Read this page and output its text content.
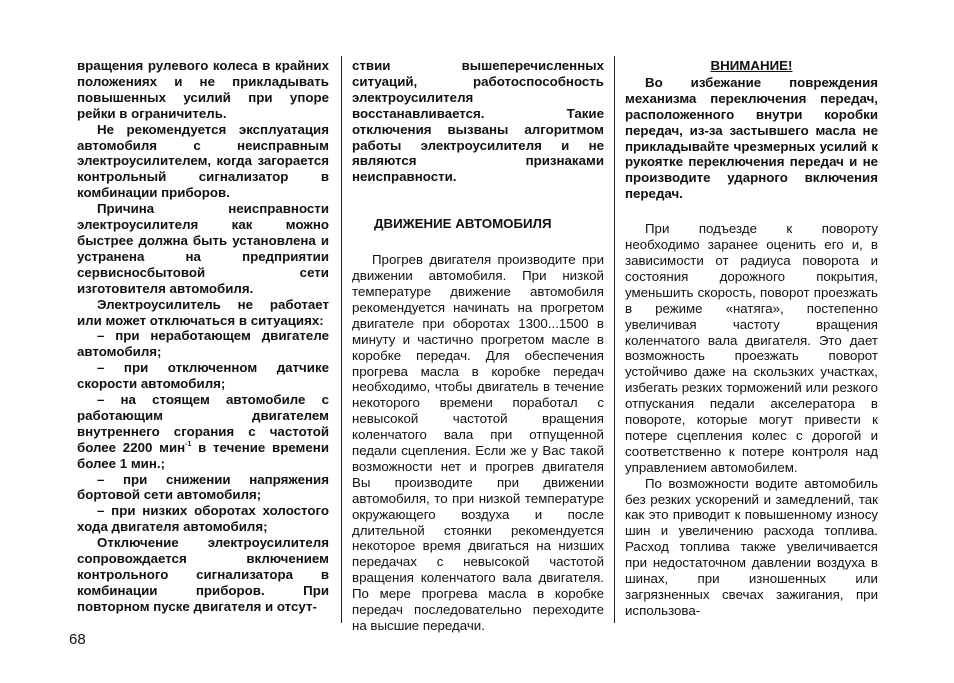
вращения рулевого колеса в крайних положениях и не прикладывать повышенных усилий при упоре рейки в ограничитель.

Не рекомендуется эксплуатация автомобиля с неисправным электроусилителем, когда загорается контрольный сигнализатор в комбинации приборов.

Причина неисправности электроусилителя как можно быстрее должна быть установлена и устранена на предприятии сервисносбытовой сети изготовителя автомобиля.

Электроусилитель не работает или может отключаться в ситуациях:

– при неработающем двигателе автомобиля;

– при отключенном датчике скорости автомобиля;

– на стоящем автомобиле с работающим двигателем внутреннего сгорания с частотой более 2200 мин$^{-1}$ в течение времени более 1 мин.;

– при снижении напряжения бортовой сети автомобиля;

– при низких оборотах холостого хода двигателя автомобиля;

Отключение электроусилителя сопровождается включением контрольного сигнализатора в комбинации приборов. При повторном пуске двигателя и отсут-

ствии вышеперечисленных ситуаций, работоспособность электроусилителя восстанавливается. Такие отключения вызваны алгоритмом работы электроусилителя и не являются признаками неисправности.

ДВИЖЕНИЕ АВТОМОБИЛЯ

Прогрев двигателя производите при движении автомобиля. При низкой температуре движение автомобиля рекомендуется начинать на прогретом двигателе при оборотах 1300...1500 в минуту и частично прогретом масле в коробке передач. Для обеспечения прогрева масла в коробке передач необходимо, чтобы двигатель в течение некоторого времени поработал с невысокой частотой вращения коленчатого вала при отпущенной педали сцепления. Если же у Вас такой возможности нет и прогрев двигателя Вы производите при движении автомобиля, то при низкой температуре окружающего воздуха и после длительной стоянки рекомендуется некоторое время двигаться на низших передачах с невысокой частотой вращения коленчатого вала двигателя. По мере прогрева масла в коробке передач последовательно переходите на высшие передачи.

ВНИМАНИЕ!

Во избежание повреждения механизма переключения передач, расположенного внутри коробки передач, из-за застывшего масла не прикладывайте чрезмерных усилий к рукоятке переключения передач и не производите ударного включения передач.

При подъезде к повороту необходимо заранее оценить его и, в зависимости от радиуса поворота и состояния дорожного покрытия, уменьшить скорость, поворот проезжать в режиме «натяга», постепенно увеличивая частоту вращения коленчатого вала двигателя. Это дает возможность проезжать поворот устойчиво даже на скользких участках, избегать резких торможений или резкого отпускания педали акселератора в повороте, которые могут привести к потере сцепления колес с дорогой и соответственно к потере контроля над управлением автомобилем.

По возможности водите автомобиль без резких ускорений и замедлений, так как это приводит к повышенному износу шин и увеличению расхода топлива. Расход топлива также увеличивается при недостаточном давлении воздуха в шинах, при изношенных или загрязненных свечах зажигания, при использова-

68
